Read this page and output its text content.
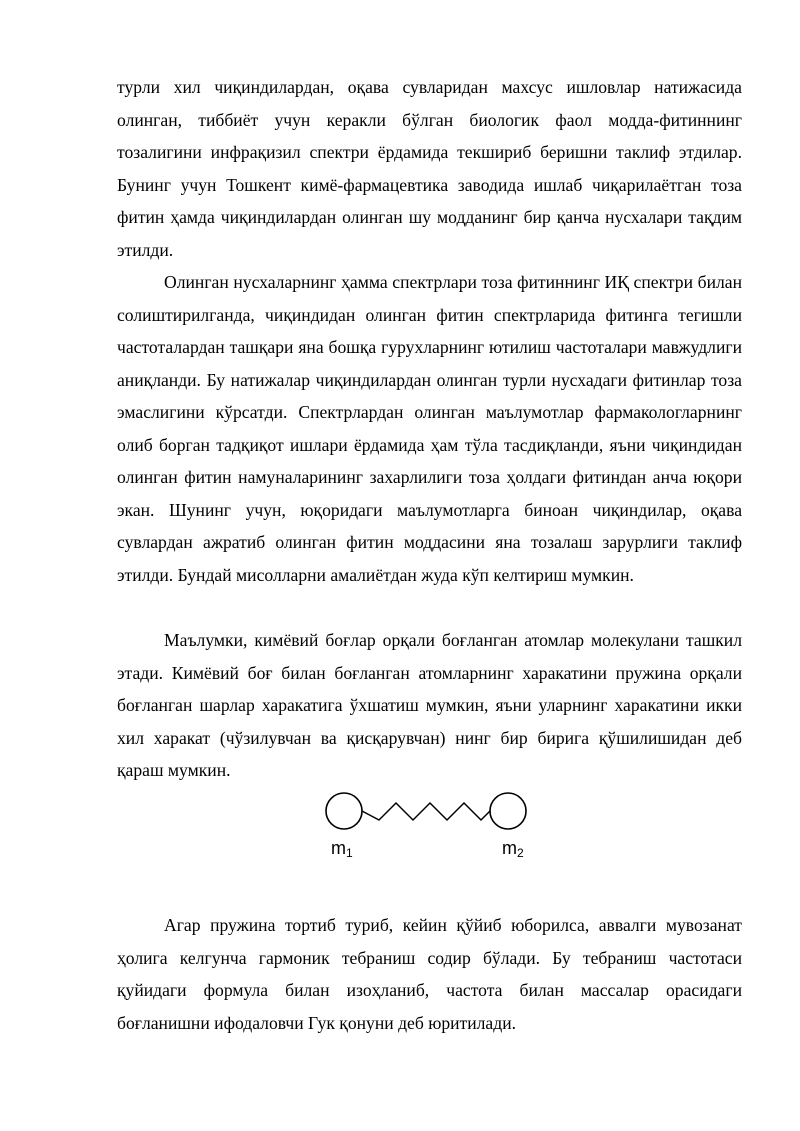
турли хил чиқиндилардан, оқава сувларидан махсус ишловлар натижасида олинган, тиббиёт учун керакли бўлган биологик фаол модда-фитиннинг тозалигини инфрақизил спектри ёрдамида текшириб беришни таклиф этдилар. Бунинг учун Тошкент кимё-фармацевтика заводида ишлаб чиқарилаётган тоза фитин ҳамда чиқиндилардан олинган шу модданинг бир қанча нусхалари тақдим этилди.

Олинган нусхаларнинг ҳамма спектрлари тоза фитиннинг ИҚ спектри билан солиштирилганда, чиқиндидан олинган фитин спектрларида фитинга тегишли частоталардан ташқари яна бошқа гурухларнинг ютилиш частоталари мавжудлиги аниқланди. Бу натижалар чиқиндилардан олинган турли нусхадаги фитинлар тоза эмаслигини кўрсатди. Спектрлардан олинган маълумотлар фармакологларнинг олиб борган тадқиқот ишлари ёрдамида ҳам тўла тасдиқланди, яъни чиқиндидан олинган фитин намуналарининг захарлилиги тоза ҳолдаги фитиндан анча юқори экан. Шунинг учун, юқоридаги маълумотларга биноан чиқиндилар, оқава сувлардан ажратиб олинган фитин моддасини яна тозалаш зарурлиги таклиф этилди. Бундай мисолларни амалиётдан жуда кўп келтириш мумкин.

Маълумки, кимёвий боғлар орқали боғланган атомлар молекулани ташкил этади. Кимёвий боғ билан боғланган атомларнинг харакатини пружина орқали боғланган шарлар харакатига ўхшатиш мумкин, яъни уларнинг харакатини икки хил харакат (чўзилувчан ва қисқарувчан) нинг бир бирига қўшилишидан деб қараш мумкин.

$m_1$	$m_2$

Агар пружина тортиб туриб, кейин қўйиб юборилса, аввалги мувозанат ҳолига келгунча гармоник тебраниш содир бўлади. Бу тебраниш частотаси қуйидаги формула билан изоҳланиб, частота билан массалар орасидаги боғланишни ифодаловчи Гук қонуни деб юритилади.
